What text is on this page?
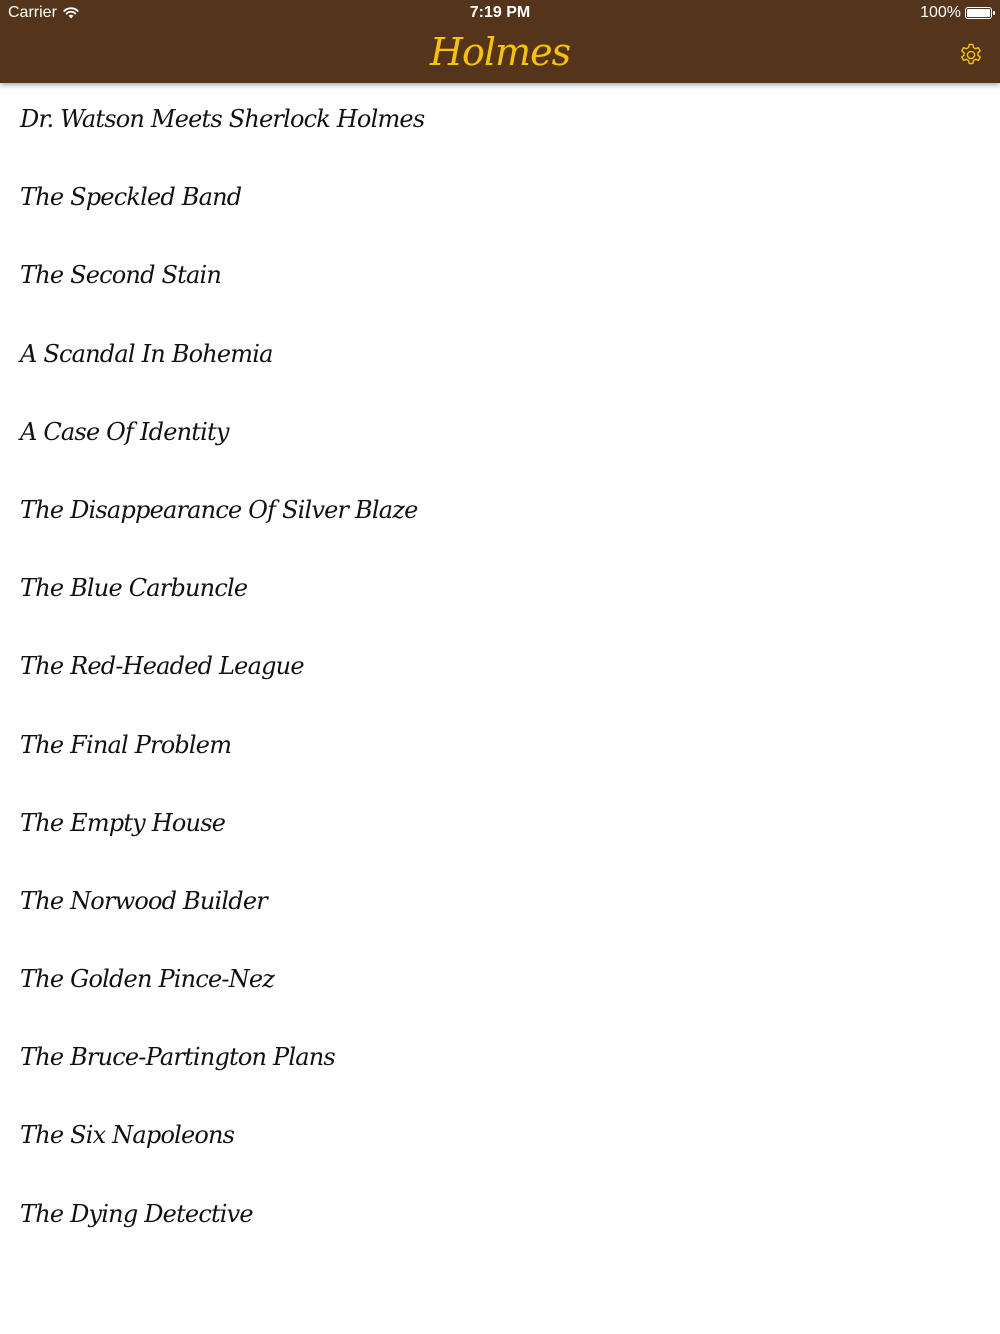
Carrier	7:19 PM	100%
Holmes
Dr. Watson Meets Sherlock Holmes
The Speckled Band
The Second Stain
A Scandal In Bohemia
A Case Of Identity
The Disappearance Of Silver Blaze
The Blue Carbuncle
The Red-Headed League
The Final Problem
The Empty House
The Norwood Builder
The Golden Pince-Nez
The Bruce-Partington Plans
The Six Napoleons
The Dying Detective
